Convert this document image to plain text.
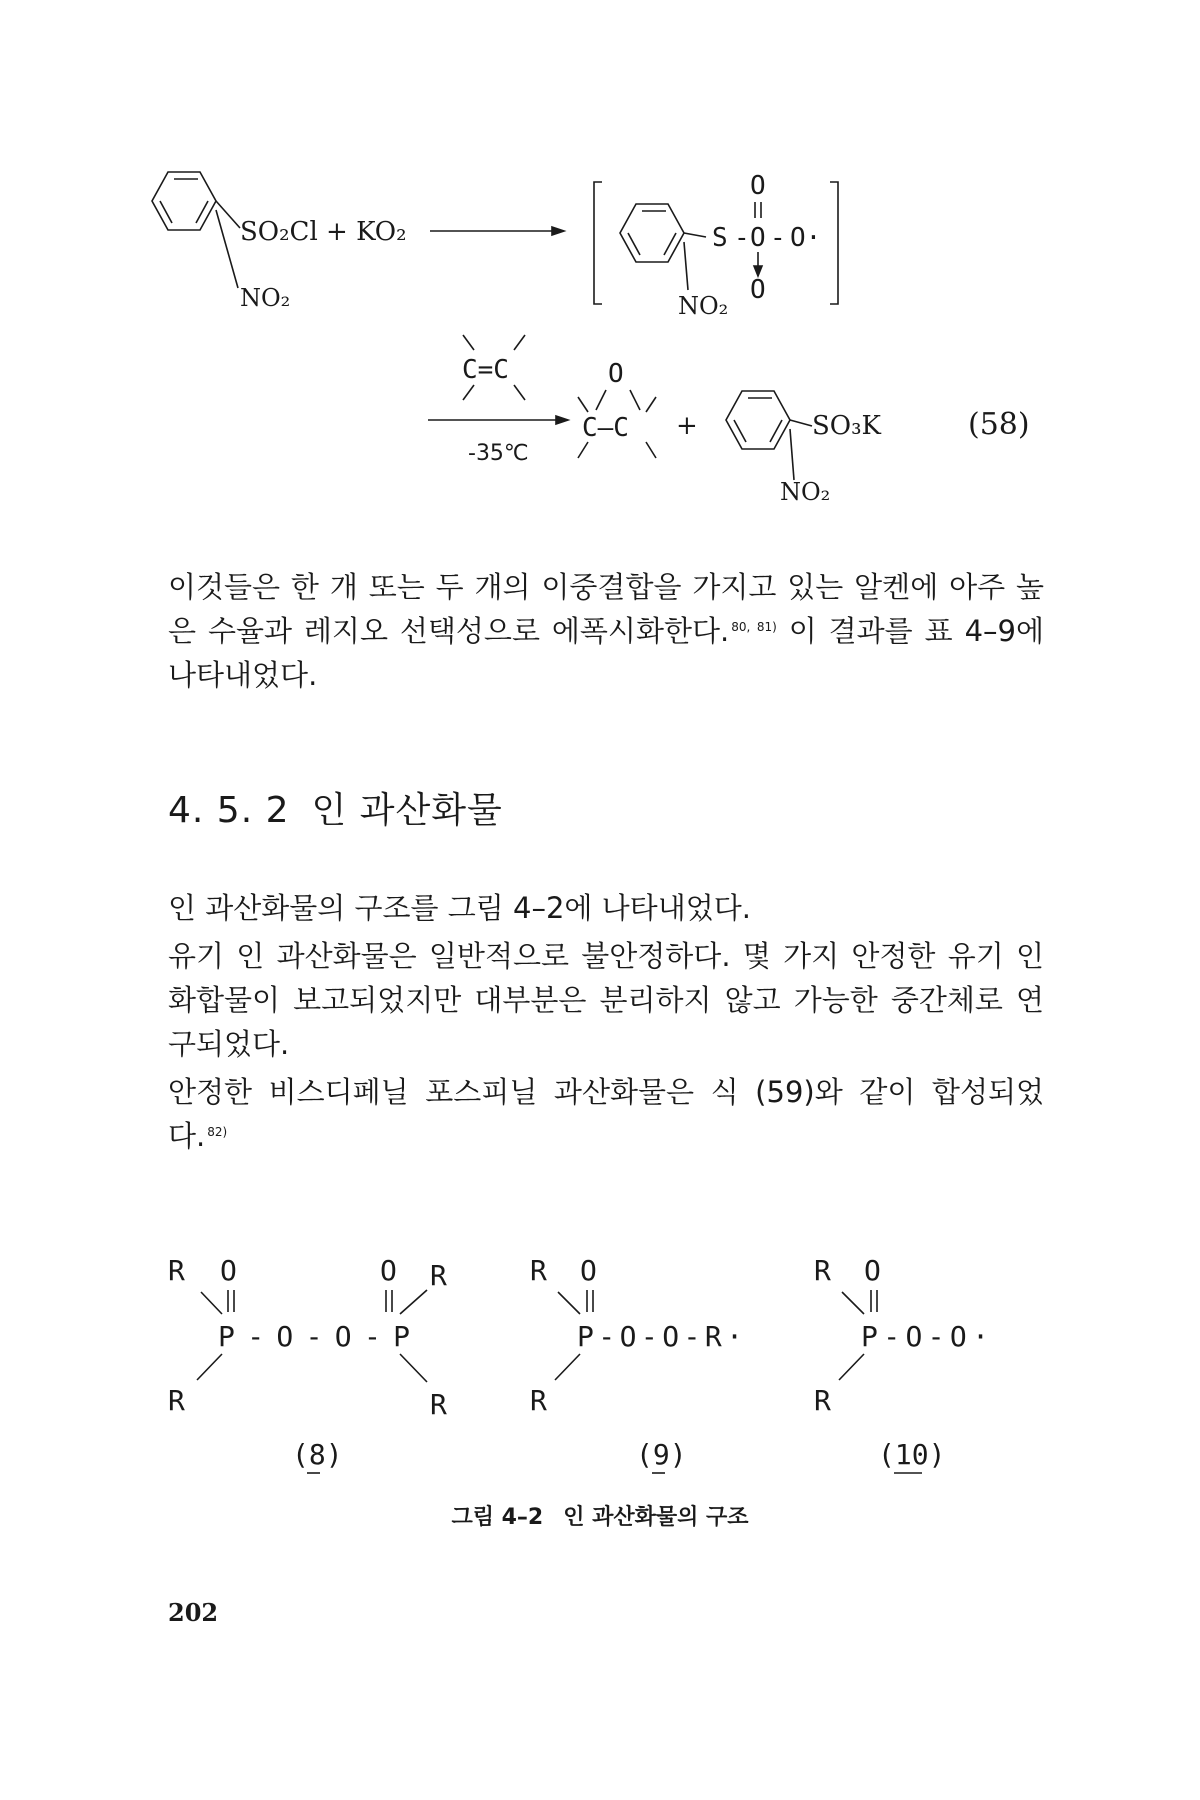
SO₂Cl + KO₂
NO₂
S -
O
O - O·
O
NO₂
C=C
-35℃
O
C—C +	SO₃K
NO₂
(58)
이것들은 한 개 또는 두 개의 이중결합을 가지고 있는 알켄에 아주 높은 수율과 레지오 선택성으로 에폭시화한다. $^{80, 81)}$ 이 결과를 표 4–9에 나타내었다.
4. 5. 2 인 과산화물
인 과산화물의 구조를 그림 4–2에 나타내었다.
유기 인 과산화물은 일반적으로 불안정하다. 몇 가지 안정한 유기 인 화합물이 보고되었지만 대부분은 분리하지 않고 가능한 중간체로 연구되었다.
안정한 비스디페닐 포스피닐 과산화물은 식 (59)와 같이 합성되었다. $^{82)}$
R O	O R
P - O - O - P
R	R
(8)
R O
P-O-O-R·
R
(9)
R O
P-O-O·
R
(10)
그림 4–2 인 과산화물의 구조
202
